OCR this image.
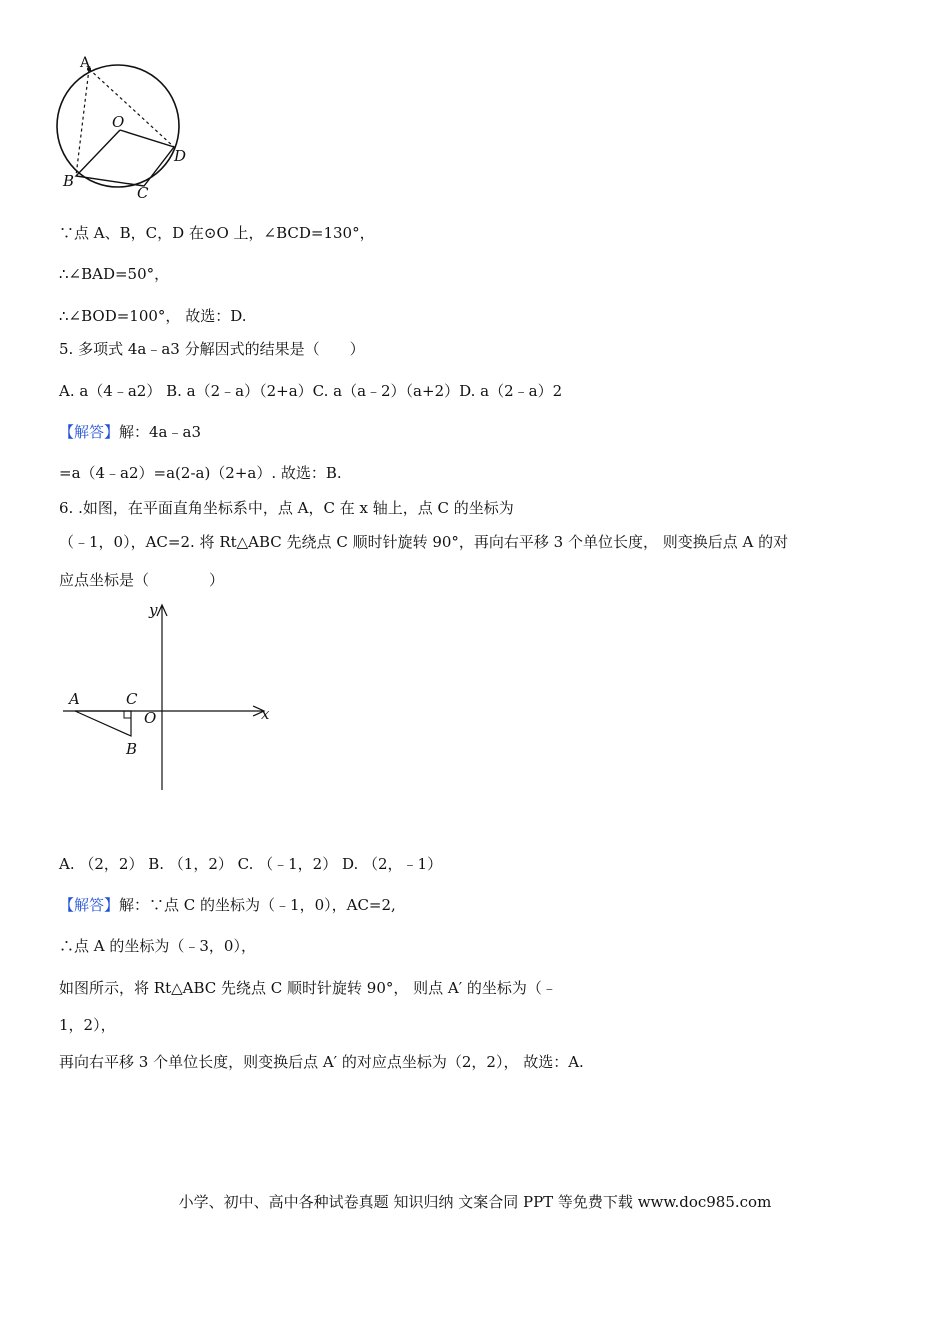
A
O
B
C
D
∵点 A、B，C，D 在⊙O 上，∠BCD=130°，
∴∠BAD=50°，
∴∠BOD=100°， 故选：D.
5. 多项式 4a﹣a3 分解因式的结果是（　　）
A. a（4﹣a2） B. a（2﹣a）（2+a）C. a（a﹣2）（a+2）D. a（2﹣a）2
【解答】解：4a﹣a3
=a（4﹣a2）=a(2-a)（2+a）. 故选：B.
6. .如图，在平面直角坐标系中，点 A，C 在 x 轴上，点 C 的坐标为
（﹣1，0），AC=2. 将 Rt△ABC 先绕点 C 顺时针旋转 90°，再向右平移 3 个单位长度， 则变换后点 A 的对
应点坐标是（　　　　）
y
x
A	C
O
B
A. （2，2） B. （1，2） C. （﹣1，2） D. （2，﹣1）
【解答】解：∵点 C 的坐标为（﹣1，0），AC=2,
∴点 A 的坐标为（﹣3，0），
如图所示，将 Rt△ABC 先绕点 C 顺时针旋转 90°， 则点 A′ 的坐标为（﹣
1，2），
再向右平移 3 个单位长度，则变换后点 A′ 的对应点坐标为（2，2）， 故选：A.
小学、初中、高中各种试卷真题 知识归纳 文案合同 PPT 等免费下载 www.doc985.com
